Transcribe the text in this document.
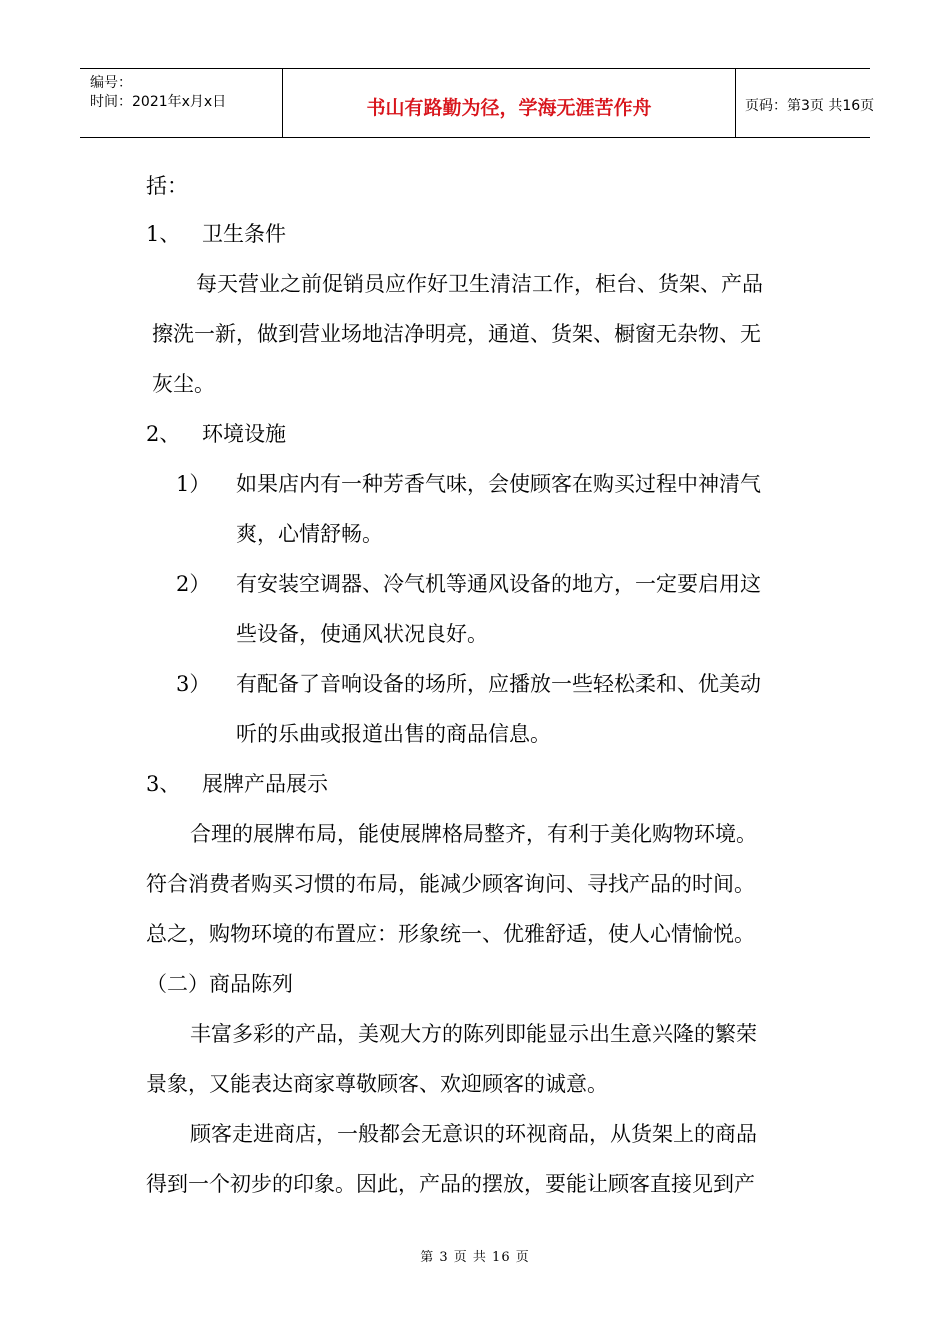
编号：
时间：2021年x月x日	书山有路勤为径，学海无涯苦作舟	页码：第3页 共16页
括：
1、 卫生条件
每天营业之前促销员应作好卫生清洁工作，柜台、货架、产品
擦洗一新，做到营业场地洁净明亮，通道、货架、橱窗无杂物、无
灰尘。
2、 环境设施
1） 如果店内有一种芳香气味，会使顾客在购买过程中神清气
爽，心情舒畅。
2） 有安装空调器、冷气机等通风设备的地方，一定要启用这
些设备，使通风状况良好。
3） 有配备了音响设备的场所，应播放一些轻松柔和、优美动
听的乐曲或报道出售的商品信息。
3、 展牌产品展示
合理的展牌布局，能使展牌格局整齐，有利于美化购物环境。
符合消费者购买习惯的布局，能减少顾客询问、寻找产品的时间。
总之，购物环境的布置应：形象统一、优雅舒适，使人心情愉悦。
（二）商品陈列
丰富多彩的产品，美观大方的陈列即能显示出生意兴隆的繁荣
景象，又能表达商家尊敬顾客、欢迎顾客的诚意。
顾客走进商店，一般都会无意识的环视商品，从货架上的商品
得到一个初步的印象。因此，产品的摆放，要能让顾客直接见到产
第 3 页 共 16 页
